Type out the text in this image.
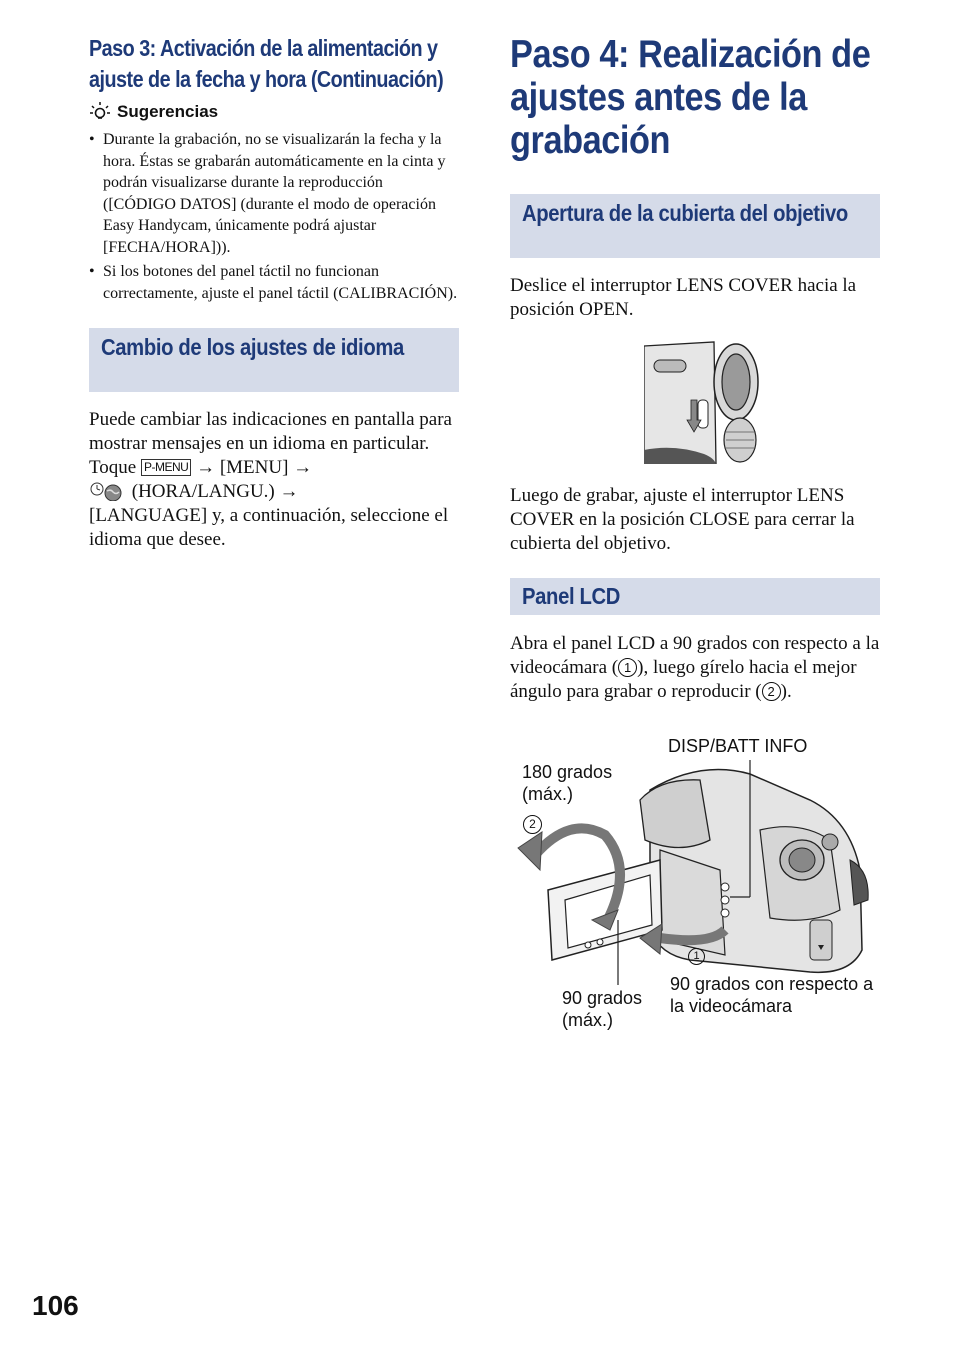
Paso 3: Activación de la alimentación y ajuste de la fecha y hora (Continuación)
Sugerencias
• Durante la grabación, no se visualizarán la fecha y la hora. Éstas se grabarán automáticamente en la cinta y podrán visualizarse durante la reproducción ([CÓDIGO DATOS] (durante el modo de operación Easy Handycam, únicamente podrá ajustar [FECHA/HORA])).
• Si los botones del panel táctil no funcionan correctamente, ajuste el panel táctil (CALIBRACIÓN).
Cambio de los ajustes de idioma

Puede cambiar las indicaciones en pantalla para mostrar mensajes en un idioma en particular.
Toque P-MENU → [MENU] →
(HORA/LANGU.) →
[LANGUAGE] y, a continuación, seleccione el idioma que desee.

Paso 4: Realización de ajustes antes de la grabación
Apertura de la cubierta del objetivo

Deslice el interruptor LENS COVER hacia la posición OPEN.

Luego de grabar, ajuste el interruptor LENS COVER en la posición CLOSE para cerrar la cubierta del objetivo.

Panel LCD

Abra el panel LCD a 90 grados con respecto a la videocámara ( 1 ), luego gírelo hacia el mejor ángulo para grabar o reproducir ( 2 ).

DISP/BATT INFO
180 grados (máx.)
2
1
90 grados (máx.)
90 grados con respecto a la videocámara
106
